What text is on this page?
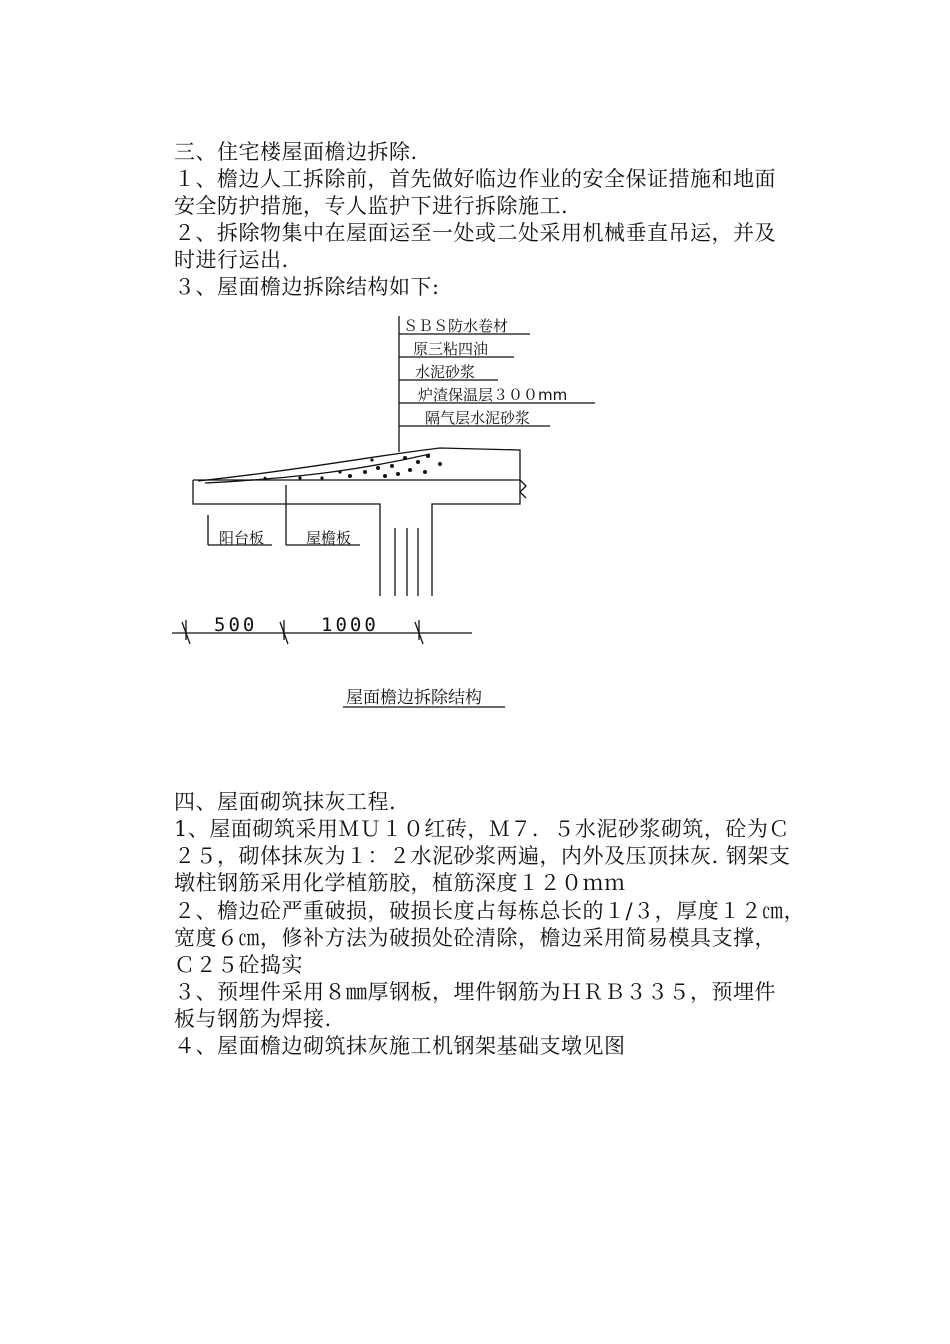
三、住宅楼屋面檐边拆除.
１、檐边人工拆除前，首先做好临边作业的安全保证措施和地面
安全防护措施，专人监护下进行拆除施工.
２、拆除物集中在屋面运至一处或二处采用机械垂直吊运，并及
时进行运出.
３、屋面檐边拆除结构如下:
ＳＢＳ防水卷材
原三粘四油
水泥砂浆
炉渣保温层３００mm
隔气层水泥砂浆
阳台板	屋檐板
500	1000
屋面檐边拆除结构
四、屋面砌筑抹灰工程.
1、屋面砌筑采用ＭＵ１０红砖，Ｍ７．５水泥砂浆砌筑，砼为Ｃ
２５，砌体抹灰为１：２水泥砂浆两遍，内外及压顶抹灰. 钢架支
墩柱钢筋采用化学植筋胶，植筋深度１２０ｍｍ
２、檐边砼严重破损，破损长度占每栋总长的１/３，厚度１２㎝，
宽度６㎝，修补方法为破损处砼清除，檐边采用简易模具支撑，
Ｃ２５砼捣实
３、预埋件采用８㎜厚钢板，埋件钢筋为ＨＲＢ３３５，预埋件
板与钢筋为焊接.
４、屋面檐边砌筑抹灰施工机钢架基础支墩见图
